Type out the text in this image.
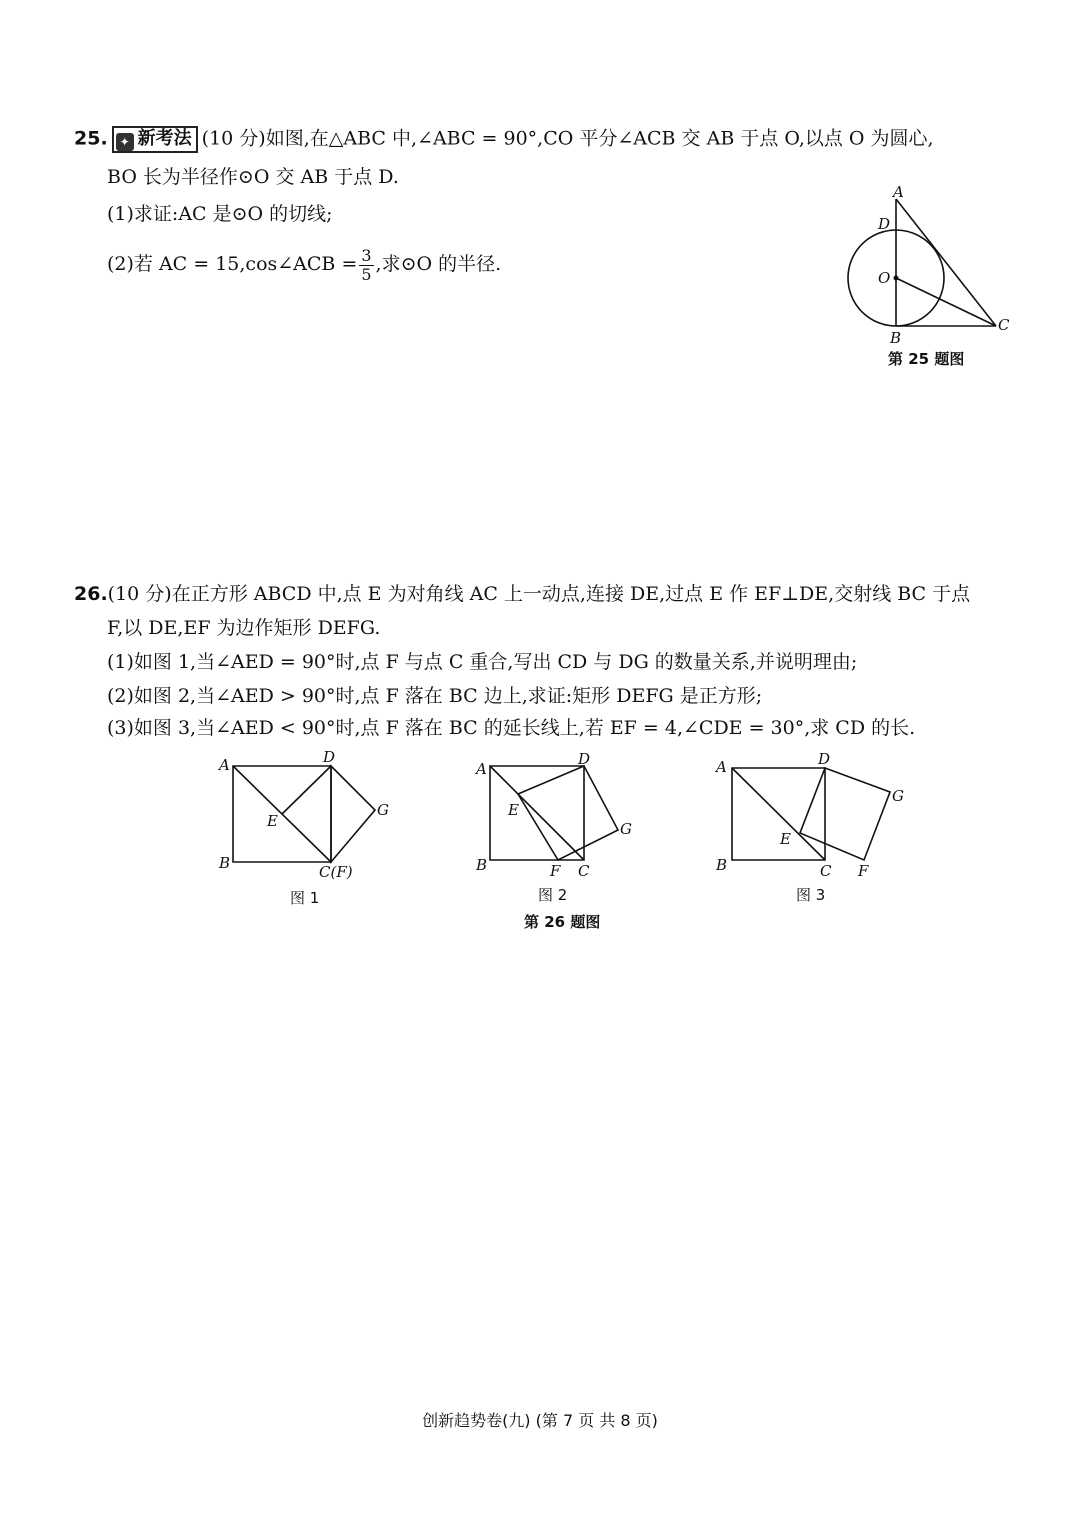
25. ✦ 新考法 (10 分)如图,在△ABC 中,∠ABC = 90°,CO 平分∠ACB 交 AB 于点 O,以点 O 为圆心,
BO 长为半径作⊙O 交 AB 于点 D.
(1)求证:AC 是⊙O 的切线;
(2)若 AC = 15,cos∠ACB = $\frac{3}{5}$ ,求⊙O 的半径.
A
D
O
B
C
第 25 题图
26.(10 分)在正方形 ABCD 中,点 E 为对角线 AC 上一动点,连接 DE,过点 E 作 EF⊥DE,交射线 BC 于点
F,以 DE,EF 为边作矩形 DEFG.
(1)如图 1,当∠AED = 90°时,点 F 与点 C 重合,写出 CD 与 DG 的数量关系,并说明理由;
(2)如图 2,当∠AED > 90°时,点 F 落在 BC 边上,求证:矩形 DEFG 是正方形;
(3)如图 3,当∠AED < 90°时,点 F 落在 BC 的延长线上,若 EF = 4,∠CDE = 30°,求 CD 的长.
A	D
E
G
B	C(F)
图 1
A
D
E
G
B	F C
图 2
A	D
E
G
B	C F
图 3
第 26 题图
创新趋势卷(九) (第 7 页 共 8 页)
